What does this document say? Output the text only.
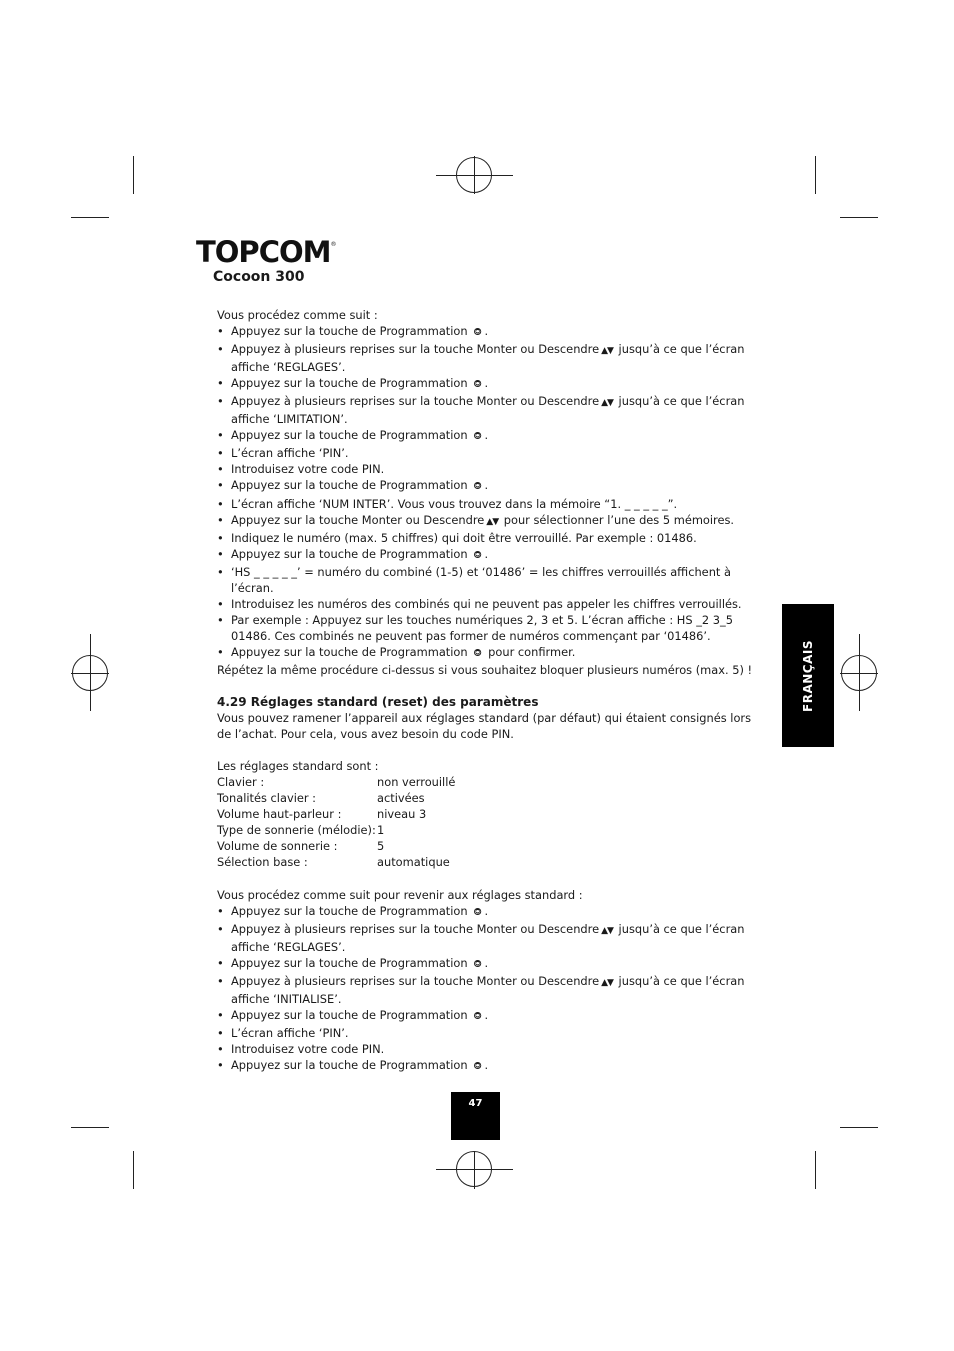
TOPCOM®
Cocoon 300

Vous procédez comme suit :

• Appuyez sur la touche de Programmation ⭗ .
• Appuyez à plusieurs reprises sur la touche Monter ou Descendre ▲▼ jusqu’à ce que l’écran affiche ‘REGLAGES’.
• Appuyez sur la touche de Programmation ⭗ .
• Appuyez à plusieurs reprises sur la touche Monter ou Descendre ▲▼ jusqu’à ce que l’écran affiche ‘LIMITATION’.
• Appuyez sur la touche de Programmation ⭗ .
• L’écran affiche ‘PIN’.
• Introduisez votre code PIN.
• Appuyez sur la touche de Programmation ⭗ .
• L’écran affiche ‘NUM INTER’. Vous vous trouvez dans la mémoire “1. _ _ _ _ _”.
• Appuyez sur la touche Monter ou Descendre ▲▼ pour sélectionner l’une des 5 mémoires.
• Indiquez le numéro (max. 5 chiffres) qui doit être verrouillé. Par exemple : 01486.
• Appuyez sur la touche de Programmation ⭗ .
• ‘HS _ _ _ _ _’ = numéro du combiné (1-5) et ‘01486’ = les chiffres verrouillés affichent à l’écran.
• Introduisez les numéros des combinés qui ne peuvent pas appeler les chiffres verrouillés.
• Par exemple : Appuyez sur les touches numériques 2, 3 et 5. L’écran affiche : HS _2 3_5 01486. Ces combinés ne peuvent pas former de numéros commençant par ‘01486’.
• Appuyez sur la touche de Programmation ⭗ pour confirmer.

Répétez la même procédure ci-dessus si vous souhaitez bloquer plusieurs numéros (max. 5) !

4.29 Réglages standard (reset) des paramètres

Vous pouvez ramener l’appareil aux réglages standard (par défaut) qui étaient consignés lors de l’achat. Pour cela, vous avez besoin du code PIN.

Les réglages standard sont :

Clavier :	non verrouillé
Tonalités clavier :	activées
Volume haut-parleur :	niveau 3
Type de sonnerie (mélodie): 1
Volume de sonnerie :	5
Sélection base :	automatique

Vous procédez comme suit pour revenir aux réglages standard :

• Appuyez sur la touche de Programmation ⭗ .
• Appuyez à plusieurs reprises sur la touche Monter ou Descendre ▲▼ jusqu’à ce que l’écran affiche ‘REGLAGES’.
• Appuyez sur la touche de Programmation ⭗ .
• Appuyez à plusieurs reprises sur la touche Monter ou Descendre ▲▼ jusqu’à ce que l’écran affiche ‘INITIALISE’.
• Appuyez sur la touche de Programmation ⭗ .
• L’écran affiche ‘PIN’.
• Introduisez votre code PIN.
• Appuyez sur la touche de Programmation ⭗ .
FRANÇAIS
47
